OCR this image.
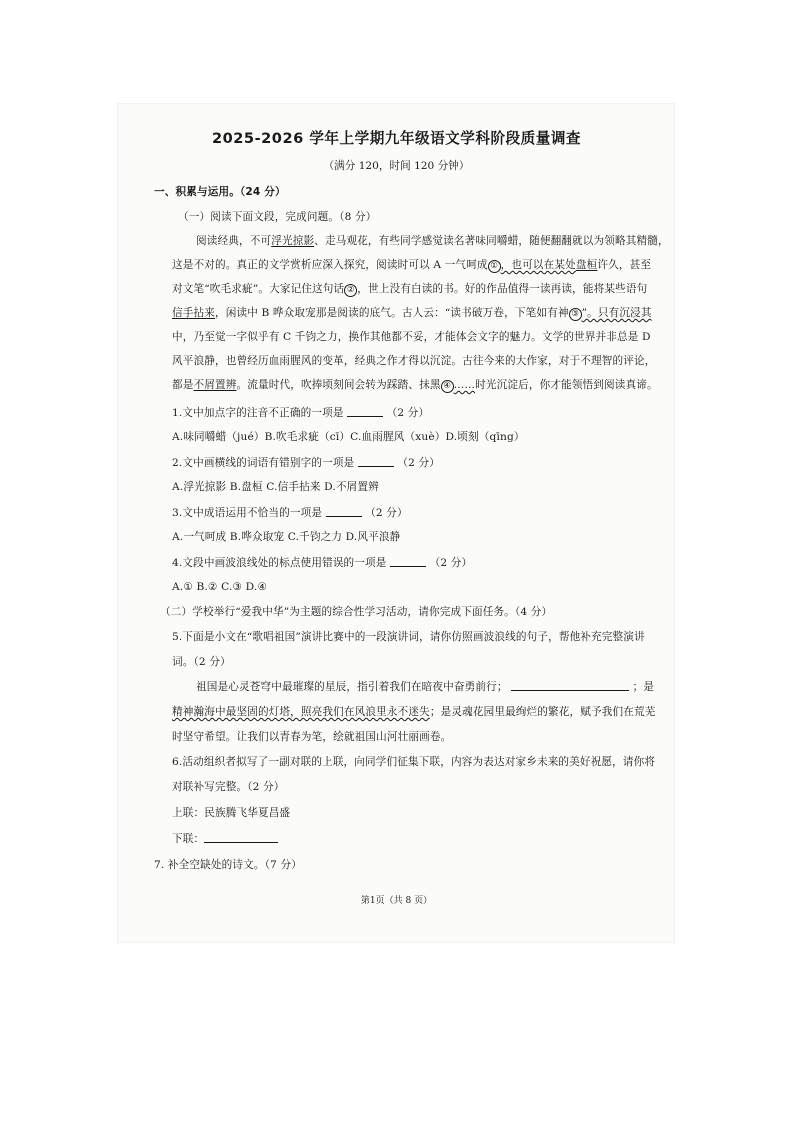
2025-2026 学年上学期九年级语文学科阶段质量调查
（满分 120，时间 120 分钟）
一、积累与运用。（24 分）
（一）阅读下面文段，完成问题。（8 分）
阅读经典，不可浮光掠影、走马观花，有些同学感觉读名著味同嚼蜡，随便翻翻就以为领略其精髓，
这是不对的。真正的文学赏析应深入探究，阅读时可以 A 一气呵成 ① ，也可以在某处盘桓许久，甚至
对文笔“吹毛求疵”。大家记住这句话 ② ，世上没有白读的书。好的作品值得一读再读，能将某些语句
信手拈来，闲读中 B 哗众取宠那是阅读的底气。古人云：“读书破万卷，下笔如有神 ③ ”。只有沉浸其
中，乃至觉一字似乎有 C 千钧之力，换作其他都不妥，才能体会文字的魅力。文学的世界并非总是 D
风平浪静，也曾经历血雨腥风的变革，经典之作才得以沉淀。古往今来的大作家，对于不理智的评论，
都是不屑置辨。流量时代，吹捧顷刻间会转为踩踏、抹黑 ④ ……时光沉淀后，你才能领悟到阅读真谛。
1.文中加点字的注音不正确的一项是	（2 分）
A.味同嚼蜡（jué）B.吹毛求疵（cī）C.血雨腥风（xuè）D.顷刻（qīng）
2.文中画横线的词语有错别字的一项是	（2 分）
A.浮光掠影 B.盘桓 C.信手拈来 D.不屑置辨
3.文中成语运用不恰当的一项是	（2 分）
A.一气呵成 B.哗众取宠 C.千钧之力 D.风平浪静
4.文段中画波浪线处的标点使用错误的一项是	（2 分）
A.① B.② C.③ D.④
（二）学校举行“爱我中华”为主题的综合性学习活动，请你完成下面任务。（4 分）
5.下面是小文在“歌唱祖国”演讲比赛中的一段演讲词，请你仿照画波浪线的句子，帮他补充完整演讲
词。（2 分）
祖国是心灵苍穹中最璀璨的星辰，指引着我们在暗夜中奋勇前行；	；是
精神瀚海中最坚固的灯塔，照亮我们在风浪里永不迷失；是灵魂花园里最绚烂的繁花，赋予我们在荒芜
时坚守希望。让我们以青春为笔，绘就祖国山河壮丽画卷。
6.活动组织者拟写了一副对联的上联，向同学们征集下联，内容为表达对家乡未来的美好祝愿，请你将
对联补写完整。（2 分）
上联：民族腾飞华夏昌盛
下联：
7. 补全空缺处的诗文。（7 分）
第1页（共 8 页）
